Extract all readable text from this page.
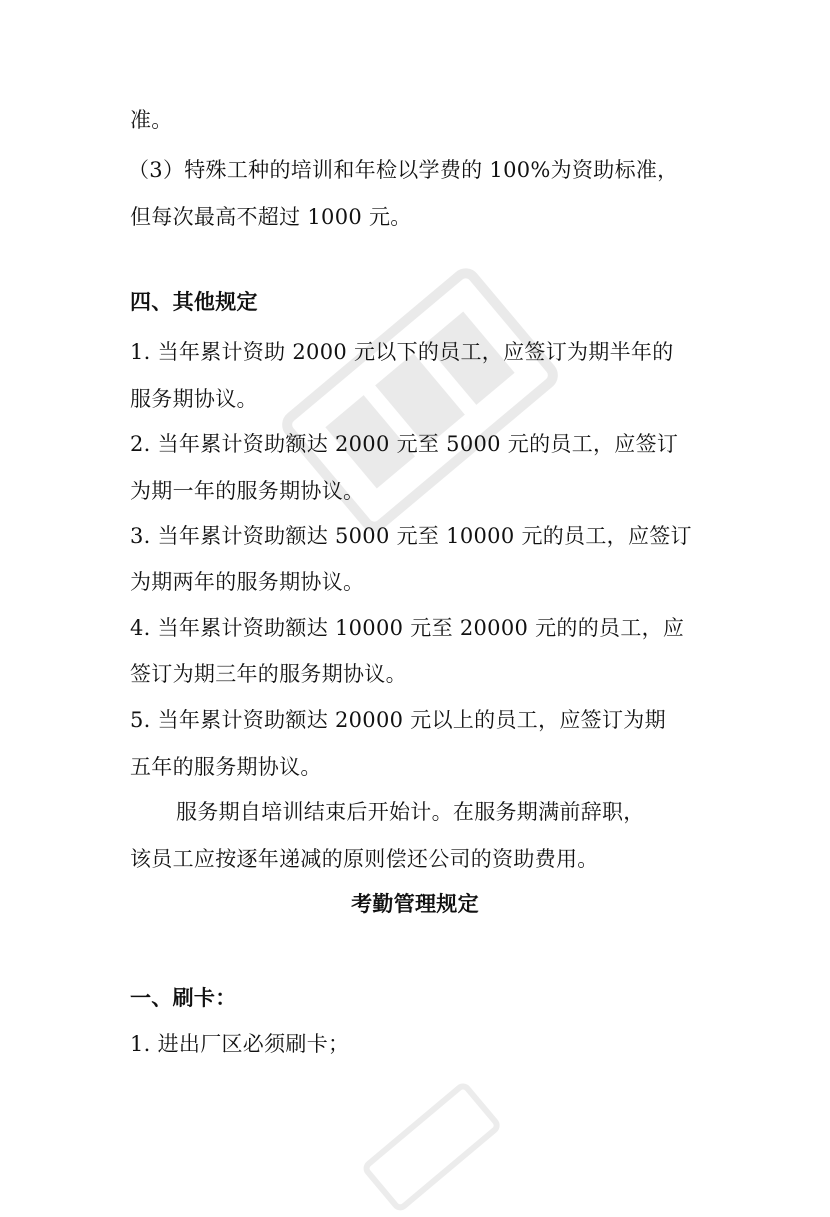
准。
（3）特殊工种的培训和年检以学费的 100%为资助标准，
但每次最高不超过 1000 元。
四、其他规定
1. 当年累计资助 2000 元以下的员工，应签订为期半年的
服务期协议。
2. 当年累计资助额达 2000 元至 5000 元的员工，应签订
为期一年的服务期协议。
3. 当年累计资助额达 5000 元至 10000 元的员工，应签订
为期两年的服务期协议。
4. 当年累计资助额达 10000 元至 20000 元的的员工，应
签订为期三年的服务期协议。
5. 当年累计资助额达 20000 元以上的员工，应签订为期
五年的服务期协议。
服务期自培训结束后开始计。在服务期满前辞职，
该员工应按逐年递减的原则偿还公司的资助费用。
考勤管理规定
一、刷卡：
1. 进出厂区必须刷卡；
